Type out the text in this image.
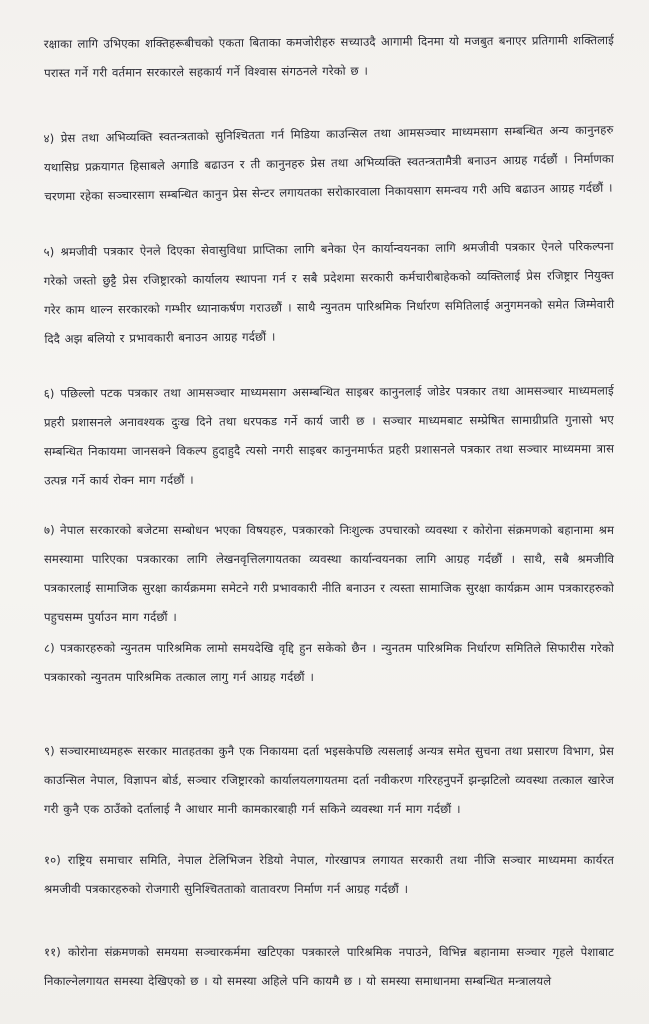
रक्षाका लागि उभिएका शक्तिहरूबीचको एकता बिताका कमजोरीहरु सच्याउदै आगामी दिनमा यो मजबुत बनाएर प्रतिगामी शक्तिलाई परास्त गर्ने गरी वर्तमान सरकारले सहकार्य गर्ने विश्वास संगठनले गरेको छ ।

४) प्रेस तथा अभिव्यक्ति स्वतन्त्रताको सुनिश्चितता गर्न मिडिया काउन्सिल तथा आमसञ्चार माध्यमसाग सम्बन्धित अन्य कानुनहरु यथासिघ्र प्रक्रयागत हिसाबले अगाडि बढाउन र ती कानुनहरु प्रेस तथा अभिव्यक्ति स्वतन्त्रतामैत्री बनाउन आग्रह गर्दछौं । निर्माणका चरणमा रहेका सञ्चारसाग सम्बन्धित कानुन प्रेस सेन्टर लगायतका सरोकारवाला निकायसाग समन्वय गरी अघि बढाउन आग्रह गर्दछौं ।

५) श्रमजीवी पत्रकार ऐनले दिएका सेवासुविधा प्राप्तिका लागि बनेका ऐन कार्यान्वयनका लागि श्रमजीवी पत्रकार ऐनले परिकल्पना गरेको जस्तो छुट्टै प्रेस रजिष्ट्रारको कार्यालय स्थापना गर्न र सबै प्रदेशमा सरकारी कर्मचारीबाहेकको व्यक्तिलाई प्रेस रजिष्ट्रार नियुक्त गरेर काम थाल्न सरकारको गम्भीर ध्यानाकर्षण गराउछौं । साथै न्युनतम पारिश्रमिक निर्धारण समितिलाई अनुगमनको समेत जिम्मेवारी दिदै अझ बलियो र प्रभावकारी बनाउन आग्रह गर्दछौं ।

६) पछिल्लो पटक पत्रकार तथा आमसञ्चार माध्यमसाग असम्बन्धित साइबर कानुनलाई जोडेर पत्रकार तथा आमसञ्चार माध्यमलाई प्रहरी प्रशासनले अनावश्यक दुःख दिने तथा धरपकड गर्ने कार्य जारी छ । सञ्चार माध्यमबाट सम्प्रेषित सामाग्रीप्रति गुनासो भए सम्बन्धित निकायमा जानसक्ने विकल्प हुदाहुदै त्यसो नगरी साइबर कानुनमार्फत प्रहरी प्रशासनले पत्रकार तथा सञ्चार माध्यममा त्रास उत्पन्न गर्ने कार्य रोक्न माग गर्दछौं ।

७) नेपाल सरकारको बजेटमा सम्बोधन भएका विषयहरु, पत्रकारको निःशुल्क उपचारको व्यवस्था र कोरोना संक्रमणको बहानामा श्रम समस्यामा पारिएका पत्रकारका लागि लेखनवृत्तिलगायतका व्यवस्था कार्यान्वयनका लागि आग्रह गर्दछौं । साथै, सबै श्रमजीवि पत्रकारलाई सामाजिक सुरक्षा कार्यक्रममा समेटने गरी प्रभावकारी नीति बनाउन र त्यस्ता सामाजिक सुरक्षा कार्यक्रम आम पत्रकारहरुको पहुचसम्म पुर्याउन माग गर्दछौं ।

८) पत्रकारहरुको न्युनतम पारिश्रमिक लामो समयदेखि वृद्दि हुन सकेको छैन । न्युनतम पारिश्रमिक निर्धारण समितिले सिफारीस गरेको पत्रकारको न्युनतम पारिश्रमिक तत्काल लागु गर्न आग्रह गर्दछौं ।

९) सञ्चारमाध्यमहरू सरकार मातहतका कुनै एक निकायमा दर्ता भइसकेपछि त्यसलाई अन्यत्र समेत सुचना तथा प्रसारण विभाग, प्रेस काउन्सिल नेपाल, विज्ञापन बोर्ड, सञ्चार रजिष्ट्रारको कार्यालयलगायतमा दर्ता नवीकरण गरिरहनुपर्ने झन्झटिलो व्यवस्था तत्काल खारेज गरी कुनै एक ठाउँको दर्तालाई नै आधार मानी कामकारबाही गर्न सकिने व्यवस्था गर्न माग गर्दछौं ।

१०) राष्ट्रिय समाचार समिति, नेपाल टेलिभिजन रेडियो नेपाल, गोरखापत्र लगायत सरकारी तथा नीजि सञ्चार माध्यममा कार्यरत श्रमजीवी पत्रकारहरुको रोजगारी सुनिश्चितताको वातावरण निर्माण गर्न आग्रह गर्दछौं ।

११) कोरोना संक्रमणको समयमा सञ्चारकर्ममा खटिएका पत्रकारले पारिश्रमिक नपाउने, विभिन्न बहानामा सञ्चार गृहले पेशाबाट निकाल्नेलगायत समस्या देखिएको छ । यो समस्या अहिले पनि कायमै छ । यो समस्या समाधानमा सम्बन्धित मन्त्रालयले
